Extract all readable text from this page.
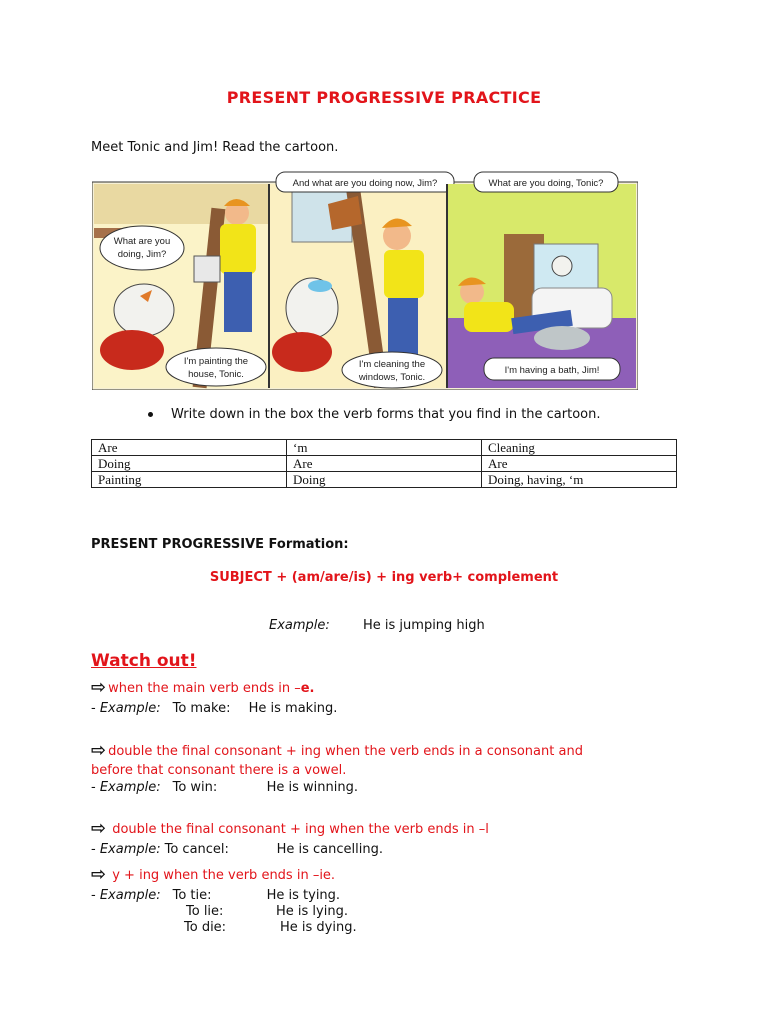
PRESENT PROGRESSIVE PRACTICE
Meet Tonic and Jim! Read the cartoon.
What are you doing, Jim?
What are you
doing, Jim?
I'm painting the
house, Tonic.
And what are you doing now, Jim?
I'm cleaning the
windows, Tonic.
What are you doing, Tonic?
I'm having a bath, Jim!
Write down in the box the verb forms that you find in the cartoon.
Are	‘m	Cleaning
Doing	Are	Are
Painting	Doing	Doing, having, ‘m
PRESENT PROGRESSIVE Formation:
SUBJECT + (am/are/is) + ing verb+ complement
Example:	He is jumping high
Watch out!
⇨ when the main verb ends in –e.
- Example: To make: He is making.
⇨ double the final consonant + ing when the verb ends in a consonant and
before that consonant there is a vowel.
- Example: To win:	He is winning.
⇨ double the final consonant + ing when the verb ends in –l
- Example: To cancel:	He is cancelling.
⇨ y + ing when the verb ends in –ie.
- Example: To tie:	He is tying.
To lie:	He is lying.
To die:	He is dying.
